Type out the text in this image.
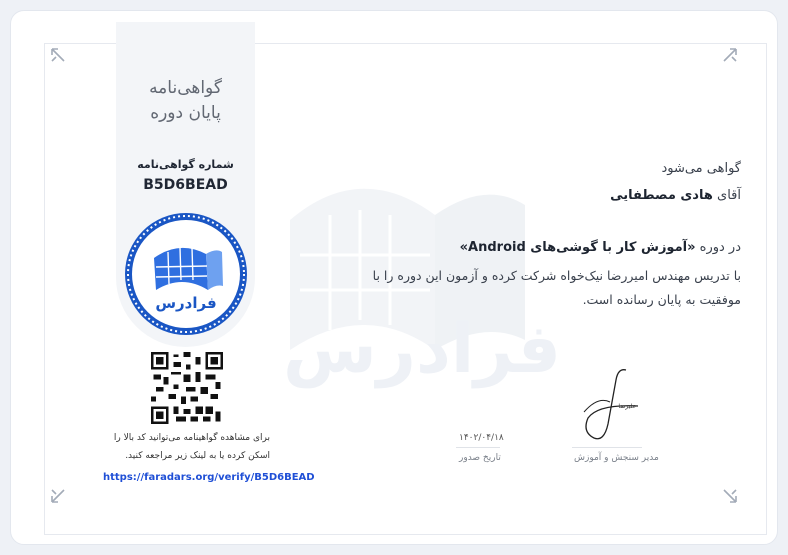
فرادرس
گواهی‌نامه
پایان دوره
شماره گواهی‌نامه
B5D6BEAD
فرادرس
برای مشاهده گواهینامه می‌توانید کد بالا را
اسکن کرده یا به لینک زیر مراجعه کنید.
https://faradars.org/verify/B5D6BEAD
گواهی می‌شود
آقای هادی مصطفایی
در دوره «آموزش کار با گوشی‌های Android»
با تدریس مهندس امیررضا نیک‌خواه شرکت کرده و آزمون این دوره را با
موفقیت به پایان رسانده است.
علیرضا
مدیر سنجش و آموزش
۱۴۰۲/۰۴/۱۸
تاریخ صدور
